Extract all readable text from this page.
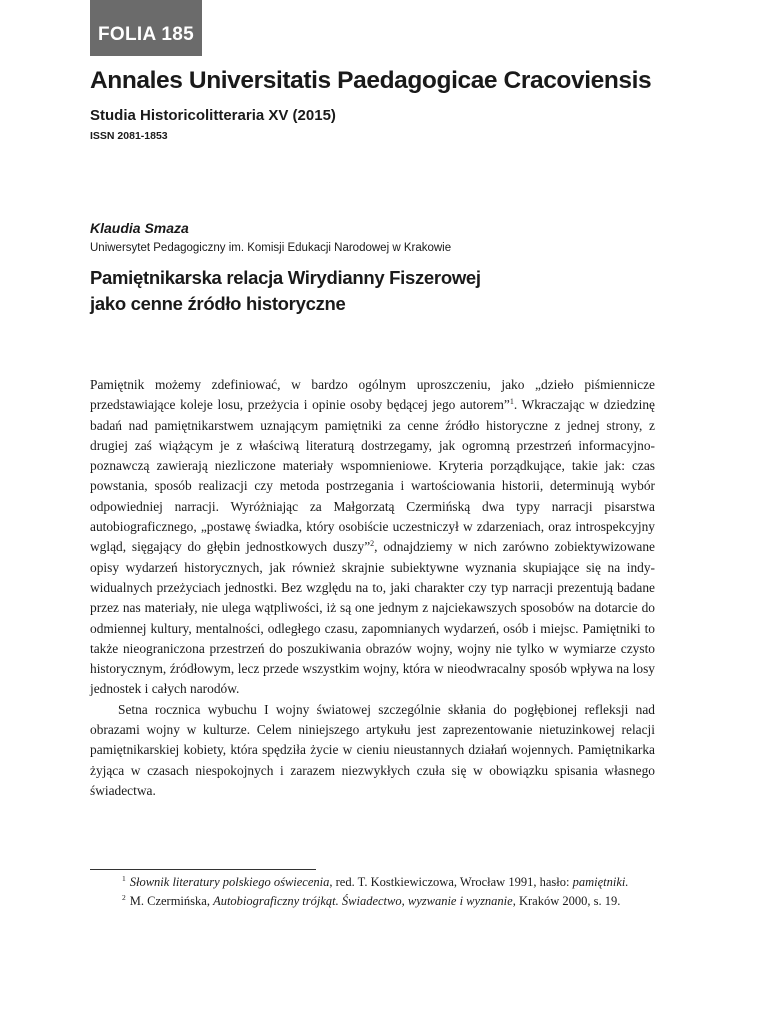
FOLIA 185
Annales Universitatis Paedagogicae Cracoviensis
Studia Historicolitteraria XV (2015)
ISSN 2081-1853
Klaudia Smaza
Uniwersytet Pedagogiczny im. Komisji Edukacji Narodowej w Krakowie
Pamiętnikarska relacja Wirydianny Fiszerowej
jako cenne źródło historyczne

Pamiętnik możemy zdefiniować, w bardzo ogólnym uproszczeniu, jako „dzieło piśmiennicze przedstawiające koleje losu, przeżycia i opinie osoby będącej jego autorem”$^1$. Wkraczając w dziedzinę badań nad pamiętnikarstwem uznającym pamiętniki za cenne źródło historyczne z jednej strony, z drugiej zaś wiążącym je z właściwą literaturą dostrzegamy, jak ogromną przestrzeń informacyjno-poznawczą zawierają niezliczone materiały wspomnieniowe. Kryteria porządkujące, takie jak: czas powstania, sposób realizacji czy metoda postrzegania i wartościowania historii, determinują wybór odpowiedniej narracji. Wyróżniając za Małgorzatą Czermińską dwa typy narracji pisarstwa autobiograficznego, „postawę świadka, który osobiście uczestniczył w zdarzeniach, oraz introspekcyjny wgląd, sięgający do głębin jednostkowych duszy”$^2$, odnajdziemy w nich zarówno zobiektywizowane opisy wydarzeń historycznych, jak również skrajnie subiektywne wyznania skupiające się na indywidualnych przeżyciach jednostki. Bez względu na to, jaki charakter czy typ narracji prezentują badane przez nas materiały, nie ulega wątpliwości, iż są one jednym z najciekawszych sposobów na dotarcie do odmiennej kultury, mentalności, odległego czasu, zapomnianych wydarzeń, osób i miejsc. Pamiętniki to także nieograniczona przestrzeń do poszukiwania obrazów wojny, wojny nie tylko w wymiarze czysto historycznym, źródłowym, lecz przede wszystkim wojny, która w nieodwracalny sposób wpływa na losy jednostek i całych narodów.

Setna rocznica wybuchu I wojny światowej szczególnie skłania do pogłębionej refleksji nad obrazami wojny w kulturze. Celem niniejszego artykułu jest zaprezentowanie nietuzinkowej relacji pamiętnikarskiej kobiety, która spędziła życie w cieniu nieustannych działań wojennych. Pamiętnikarka żyjąca w czasach niespokojnych i zarazem niezwykłych czuła się w obowiązku spisania własnego świadectwa.

$^1$ Słownik literatury polskiego oświecenia, red. T. Kostkiewiczowa, Wrocław 1991, hasło: pamiętniki.

$^2$ M. Czermińska, Autobiograficzny trójkąt. Świadectwo, wyzwanie i wyznanie, Kraków 2000, s. 19.
